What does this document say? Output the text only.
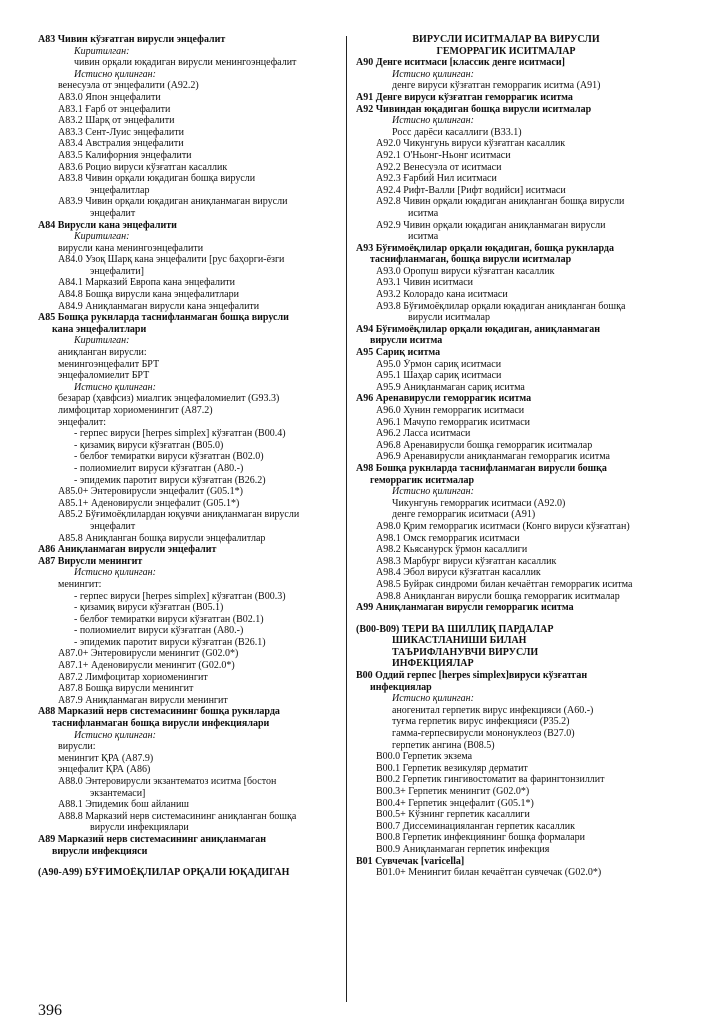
A83 Чивин кўзғатган вирусли энцефалит
Киритилган:
чивин орқали юқадиган вирусли менингоэнцефалит
Истисно қилинган:
венесуэла от энцефалити (A92.2)
A83.0 Япон энцефалити
A83.1 Ғарб от энцефалити
A83.2 Шарқ от энцефалити
A83.3 Сент-Луис энцефалити
A83.4 Австралия энцефалити
A83.5 Калифорния энцефалити
A83.6 Роцио вируси кўзғатган касаллик
A83.8 Чивин орқали юқадиган бошқа вирусли
энцефалитлар
A83.9 Чивин орқали юқадиган аниқланмаган вирусли
энцефалит
A84 Вирусли кана энцефалити
Киритилган:
вирусли кана менингоэнцефалити
A84.0 Узоқ Шарқ кана энцефалити [рус баҳорги-ёзги
энцефалити]
A84.1 Марказий Европа кана энцефалити
A84.8 Бошқа вирусли кана энцефалитлари
A84.9 Аниқланмаган вирусли кана энцефалити
A85 Бошқа рукнларда таснифланмаган бошқа вирусли
кана энцефалитлари
Киритилган:
аниқланган вирусли:
менингоэнцефалит БРТ
энцефаломиелит БРТ
Истисно қилинган:
безарар (ҳавфсиз) миалгик энцефаломиелит (G93.3)
лимфоцитар хориоменингит (A87.2)
энцефалит:
- герпес вируси [herpes simplex] кўзғатган (B00.4)
- қизамиқ вируси кўзғатган (B05.0)
- белбоғ темиратки вируси кўзғатган (B02.0)
- полиомиелит вируси кўзғатган (A80.-)
- эпидемик паротит вируси кўзғатган (B26.2)
A85.0+ Энтеровирусли энцефалит (G05.1*)
A85.1+ Аденовирусли энцефалит (G05.1*)
A85.2 Бўғимоёқлилардан юқувчи аниқланмаган вирусли
энцефалит
A85.8 Аниқланган бошқа вирусли энцефалитлар
A86 Аниқланмаган вирусли энцефалит
A87 Вирусли менингит
Истисно қилинган:
менингит:
- герпес вируси [herpes simplex] кўзғатган (B00.3)
- қизамиқ вируси кўзғатган (B05.1)
- белбоғ темиратки вируси кўзғатган (B02.1)
- полиомиелит вируси кўзғатган (A80.-)
- эпидемик паротит вируси кўзғатган (B26.1)
A87.0+ Энтеровирусли менингит (G02.0*)
A87.1+ Аденовирусли менингит (G02.0*)
A87.2 Лимфоцитар хориоменингит
A87.8 Бошқа вирусли менингит
A87.9 Аниқланмаган вирусли менингит
A88 Марказий нерв системасининг бошқа рукнларда
таснифланмаган бошқа вирусли инфекциялари
Истисно қилинган:
вирусли:
менингит ҚРА (A87.9)
энцефалит ҚРА (A86)
A88.0 Энтеровирусли экзантематоз иситма [бостон
экзантемаси]
A88.1 Эпидемик бош айланиш
A88.8 Марказий нерв системасининг аниқланган бошқа
вирусли инфекциялари
A89 Марказий нерв системасининг аниқланмаган
вирусли инфекцияси
(A90-A99) БЎҒИМОЁҚЛИЛАР ОРҚАЛИ ЮҚАДИГАН
ВИРУСЛИ ИСИТМАЛАР ВА ВИРУСЛИ
ГЕМОРРАГИК ИСИТМАЛАР
A90 Денге иситмаси [классик денге иситмаси]
Истисно қилинган:
денге вируси кўзғатган геморрагик иситма (A91)
A91 Денге вируси кўзғатган геморрагик иситма
A92 Чивиндан юқадиган бошқа вирусли иситмалар
Истисно қилинган:
Росс дарёси касаллиги (B33.1)
A92.0 Чикунгунь вируси кўзғатган касаллик
A92.1 О'Ньонг-Ньонг иситмаси
A92.2 Венесуэла от иситмаси
A92.3 Ғарбий Нил иситмаси
A92.4 Рифт-Валли [Рифт водийси] иситмаси
A92.8 Чивин орқали юқадиган аниқланган бошқа вирусли
иситма
A92.9 Чивин орқали юқадиган аниқланмаган вирусли
иситма
A93 Бўғимоёқлилар орқали юқадиган, бошқа рукнларда
таснифланмаган, бошқа вирусли иситмалар
A93.0 Оропуш вируси кўзғатган касаллик
A93.1 Чивин иситмаси
A93.2 Колорадо кана иситмаси
A93.8 Бўғимоёқлилар орқали юқадиган аниқланган бошқа
вирусли иситмалар
A94 Бўғимоёқлилар орқали юқадиган, аниқланмаган
вирусли иситма
A95 Сариқ иситма
A95.0 Ўрмон сариқ иситмаси
A95.1 Шаҳар сариқ иситмаси
A95.9 Аниқланмаган сариқ иситма
A96 Аренавирусли геморрагик иситма
A96.0 Хунин геморрагик иситмаси
A96.1 Мачупо геморрагик иситмаси
A96.2 Ласса иситмаси
A96.8 Аренавирусли бошқа геморрагик иситмалар
A96.9 Аренавирусли аниқланмаган геморрагик иситма
A98 Бошқа рукнларда таснифланмаган вирусли бошқа
геморрагик иситмалар
Истисно қилинган:
Чикунгунь геморрагик иситмаси (A92.0)
денге геморрагик иситмаси (A91)
A98.0 Қрим геморрагик иситмаси (Конго вируси кўзғатган)
A98.1 Омск геморрагик иситмаси
A98.2 Кьясанурск ўрмон касаллиги
A98.3 Марбург вируси кўзғатган касаллик
A98.4 Эбол вируси кўзғатган касаллик
A98.5 Буйрак синдроми билан кечаётган геморрагик иситма
A98.8 Аниқланган вирусли бошқа геморрагик иситмалар
A99 Аниқланмаган вирусли геморрагик иситма
(B00-B09) ТЕРИ ВА ШИЛЛИҚ ПАРДАЛАР
ШИКАСТЛАНИШИ БИЛАН
ТАЪРИФЛАНУВЧИ ВИРУСЛИ
ИНФЕКЦИЯЛАР
B00 Оддий герпес [herpes simplex]вируси кўзғатган
инфекциялар
Истисно қилинган:
аногенитал герпетик вирус инфекцияси (A60.-)
туғма герпетик вирус инфекцияси (P35.2)
гамма-герпесвирусли мононуклеоз (B27.0)
герпетик ангина (B08.5)
B00.0 Герпетик экзема
B00.1 Герпетик везикуляр дерматит
B00.2 Герпетик гингивостоматит ва фарингтонзиллит
B00.3+ Герпетик менингит (G02.0*)
B00.4+ Герпетик энцефалит (G05.1*)
B00.5+ Кўзнинг герпетик касаллиги
B00.7 Диссеминацияланган герпетик касаллик
B00.8 Герпетик инфекциянинг бошқа формалари
B00.9 Аниқланмаган герпетик инфекция
B01 Сувчечак [varicella]
B01.0+ Менингит билан кечаётган сувчечак (G02.0*)
396
